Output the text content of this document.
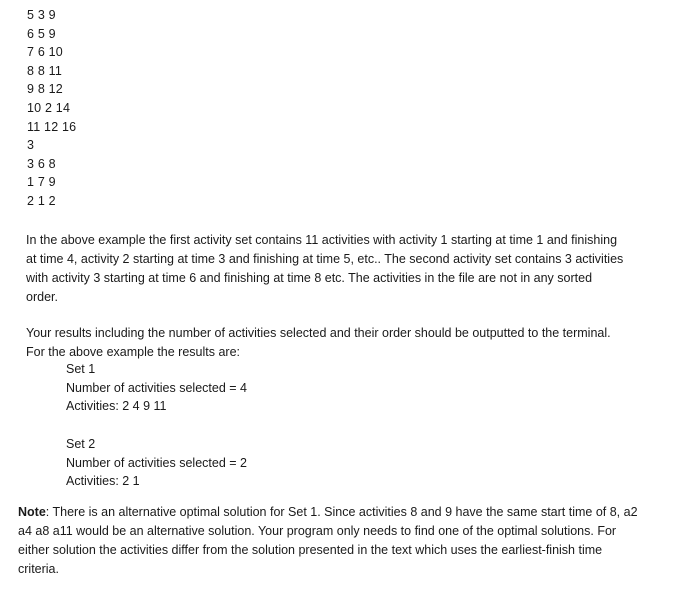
5 3 9
6 5 9
7 6 10
8 8 11
9 8 12
10 2 14
11 12 16
3
3 6 8
1 7 9
2 1 2

In the above example the first activity set contains 11 activities with activity 1 starting at time 1 and finishing at time 4, activity 2 starting at time 3 and finishing at time 5, etc.. The second activity set contains 3 activities with activity 3 starting at time 6 and finishing at time 8 etc. The activities in the file are not in any sorted order.

Your results including the number of activities selected and their order should be outputted to the terminal. For the above example the results are:

Set 1
Number of activities selected = 4
Activities: 2 4 9 11
Set 2
Number of activities selected = 2
Activities: 2 1

Note: There is an alternative optimal solution for Set 1. Since activities 8 and 9 have the same start time of 8, a2 a4 a8 a11 would be an alternative solution. Your program only needs to find one of the optimal solutions. For either solution the activities differ from the solution presented in the text which uses the earliest-finish time criteria.
